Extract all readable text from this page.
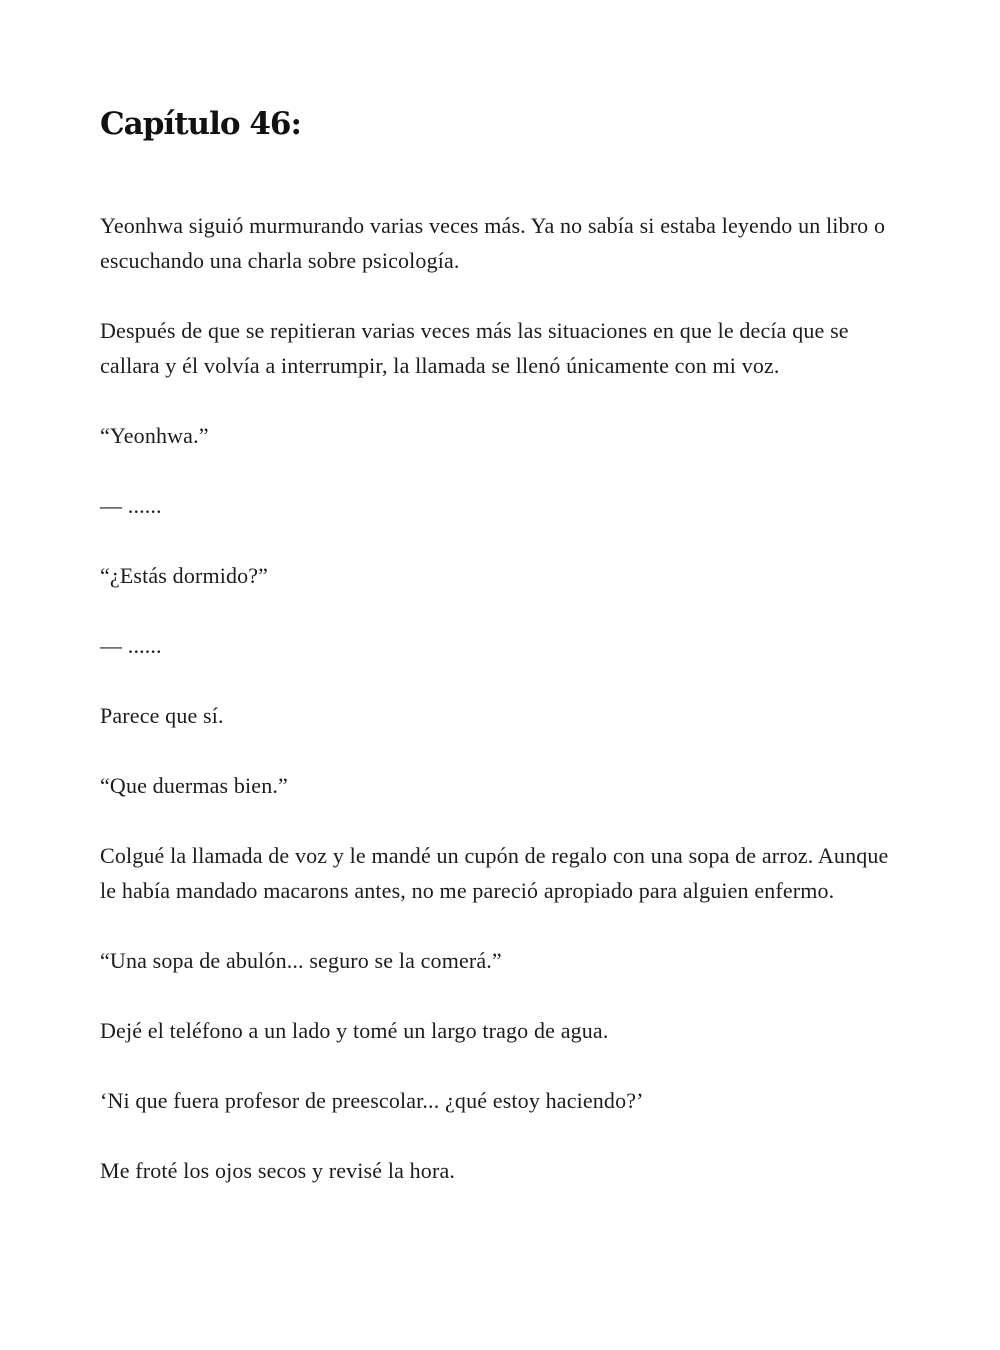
Capítulo 46:

Yeonhwa siguió murmurando varias veces más. Ya no sabía si estaba leyendo un libro o escuchando una charla sobre psicología.

Después de que se repitieran varias veces más las situaciones en que le decía que se callara y él volvía a interrumpir, la llamada se llenó únicamente con mi voz.

“Yeonhwa.”

— ......

“¿Estás dormido?”

— ......

Parece que sí.

“Que duermas bien.”

Colgué la llamada de voz y le mandé un cupón de regalo con una sopa de arroz. Aunque le había mandado macarons antes, no me pareció apropiado para alguien enfermo.

“Una sopa de abulón... seguro se la comerá.”

Dejé el teléfono a un lado y tomé un largo trago de agua.

‘Ni que fuera profesor de preescolar... ¿qué estoy haciendo?’

Me froté los ojos secos y revisé la hora.
